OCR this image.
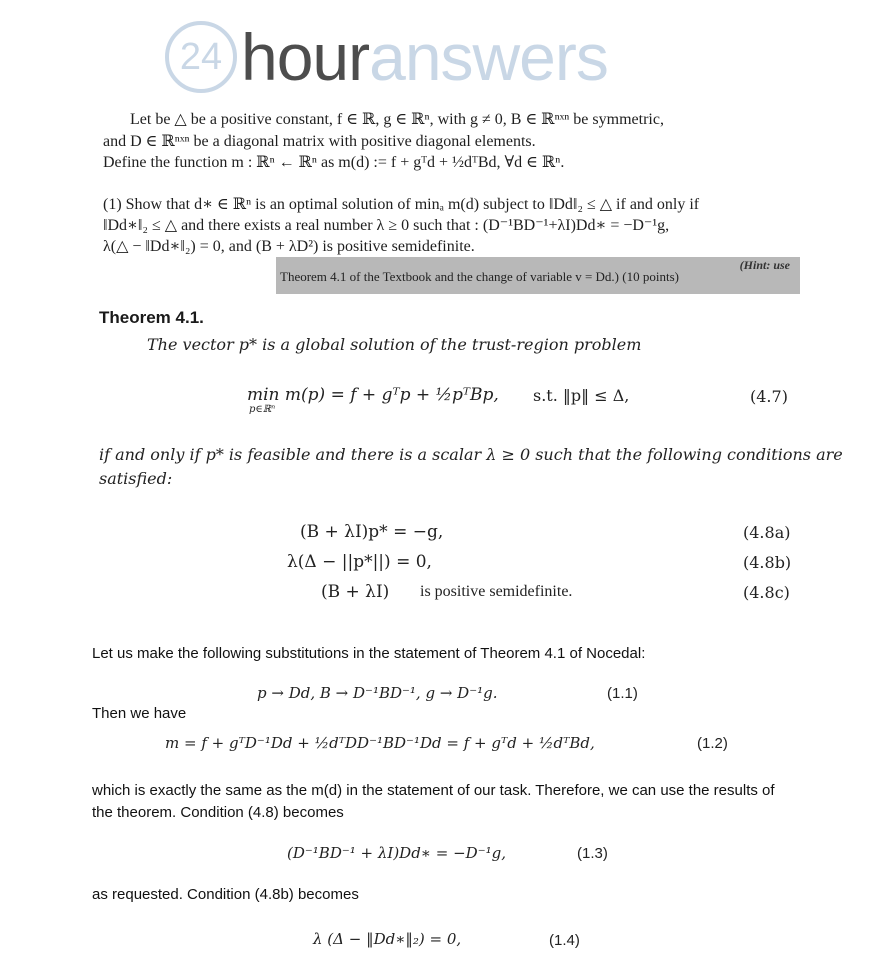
24 hour answers
Let be △ be a positive constant, f ∈ ℝ, g ∈ ℝⁿ, with g ≠ 0, B ∈ ℝⁿˣⁿ be symmetric,
and D ∈ ℝⁿˣⁿ be a diagonal matrix with positive diagonal elements.
Define the function m : ℝⁿ ← ℝⁿ as m(d) := f + gᵀd + ½dᵀBd, ∀d ∈ ℝⁿ.
(1) Show that d∗ ∈ ℝⁿ is an optimal solution of minₐ m(d) subject to ‖Dd‖₂ ≤ △ if and only if
‖Dd∗‖₂ ≤ △ and there exists a real number λ ≥ 0 such that : (D⁻¹BD⁻¹+λI)Dd∗ = −D⁻¹g,
λ(△ − ‖Dd∗‖₂) = 0, and (B + λD²) is positive semidefinite.
(Hint: use
Theorem 4.1 of the Textbook and the change of variable v = Dd.) (10 points)
Theorem 4.1.
The vector p* is a global solution of the trust-region problem
min m(p) = f + gᵀp + ½pᵀBp,
p∈ℝⁿ
s.t. ‖p‖ ≤ Δ,	(4.7)
if and only if p* is feasible and there is a scalar λ ≥ 0 such that the following conditions are
satisfied:
(B + λI)p* = −g,	(4.8a)
λ(Δ − ||p*||) = 0,	(4.8b)
(B + λI) is positive semidefinite.	(4.8c)
Let us make the following substitutions in the statement of Theorem 4.1 of Nocedal:
p → Dd, B → D⁻¹BD⁻¹, g → D⁻¹g.	(1.1)
Then we have
m = f + gᵀD⁻¹Dd + ½dᵀDD⁻¹BD⁻¹Dd = f + gᵀd + ½dᵀBd,	(1.2)
which is exactly the same as the m(d) in the statement of our task. Therefore, we can use the results of
the theorem. Condition (4.8) becomes
(D⁻¹BD⁻¹ + λI)Dd∗ = −D⁻¹g,	(1.3)
as requested. Condition (4.8b) becomes
λ (Δ − ‖Dd∗‖₂) = 0,	(1.4)
